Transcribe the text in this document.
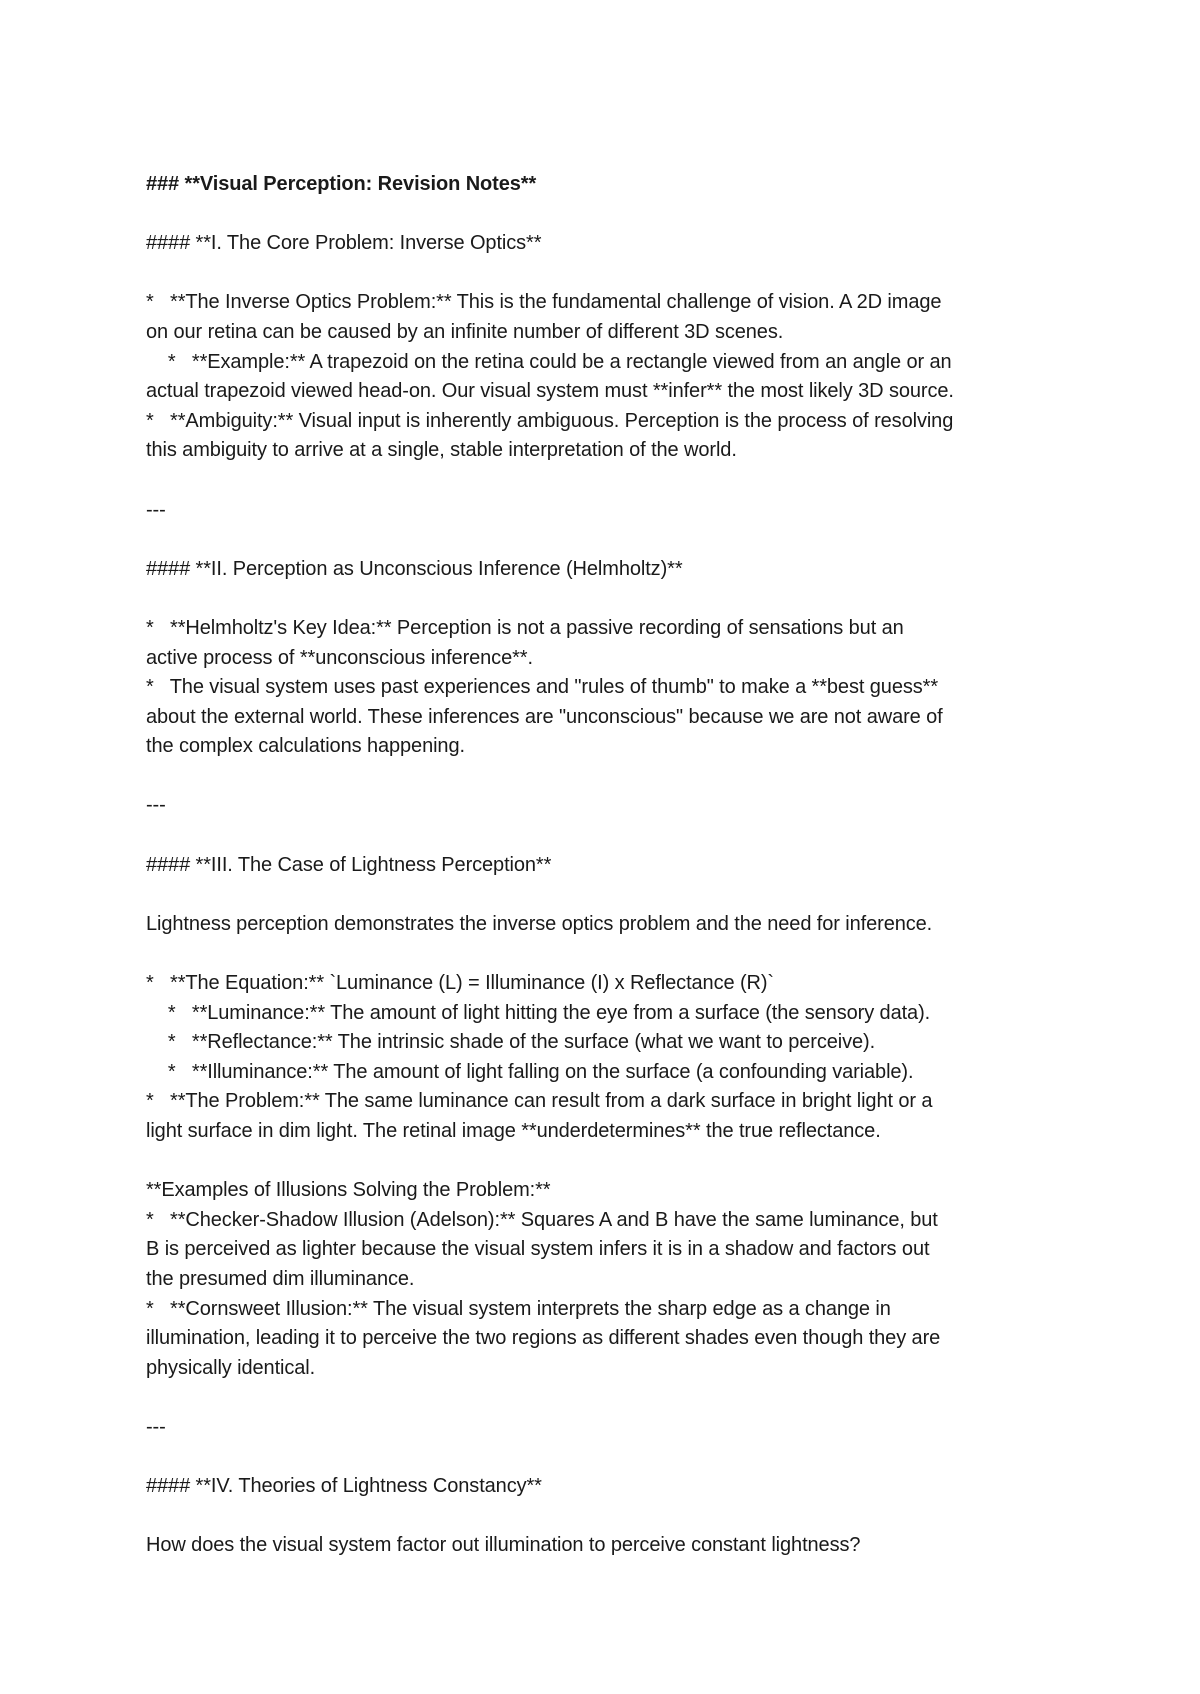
### **Visual Perception: Revision Notes**
#### **I. The Core Problem: Inverse Optics**
*   **The Inverse Optics Problem:** This is the fundamental challenge of vision. A 2D image
on our retina can be caused by an infinite number of different 3D scenes.
*   **Example:** A trapezoid on the retina could be a rectangle viewed from an angle or an
actual trapezoid viewed head-on. Our visual system must **infer** the most likely 3D source.
*   **Ambiguity:** Visual input is inherently ambiguous. Perception is the process of resolving
this ambiguity to arrive at a single, stable interpretation of the world.
---
#### **II. Perception as Unconscious Inference (Helmholtz)**
*   **Helmholtz's Key Idea:** Perception is not a passive recording of sensations but an
active process of **unconscious inference**.
*   The visual system uses past experiences and "rules of thumb" to make a **best guess**
about the external world. These inferences are "unconscious" because we are not aware of
the complex calculations happening.
---
#### **III. The Case of Lightness Perception**
Lightness perception demonstrates the inverse optics problem and the need for inference.
*   **The Equation:** `Luminance (L) = Illuminance (I) x Reflectance (R)`
*   **Luminance:** The amount of light hitting the eye from a surface (the sensory data).
*   **Reflectance:** The intrinsic shade of the surface (what we want to perceive).
*   **Illuminance:** The amount of light falling on the surface (a confounding variable).
*   **The Problem:** The same luminance can result from a dark surface in bright light or a
light surface in dim light. The retinal image **underdetermines** the true reflectance.
**Examples of Illusions Solving the Problem:**
*   **Checker-Shadow Illusion (Adelson):** Squares A and B have the same luminance, but
B is perceived as lighter because the visual system infers it is in a shadow and factors out
the presumed dim illuminance.
*   **Cornsweet Illusion:** The visual system interprets the sharp edge as a change in
illumination, leading it to perceive the two regions as different shades even though they are
physically identical.
---
#### **IV. Theories of Lightness Constancy**
How does the visual system factor out illumination to perceive constant lightness?
